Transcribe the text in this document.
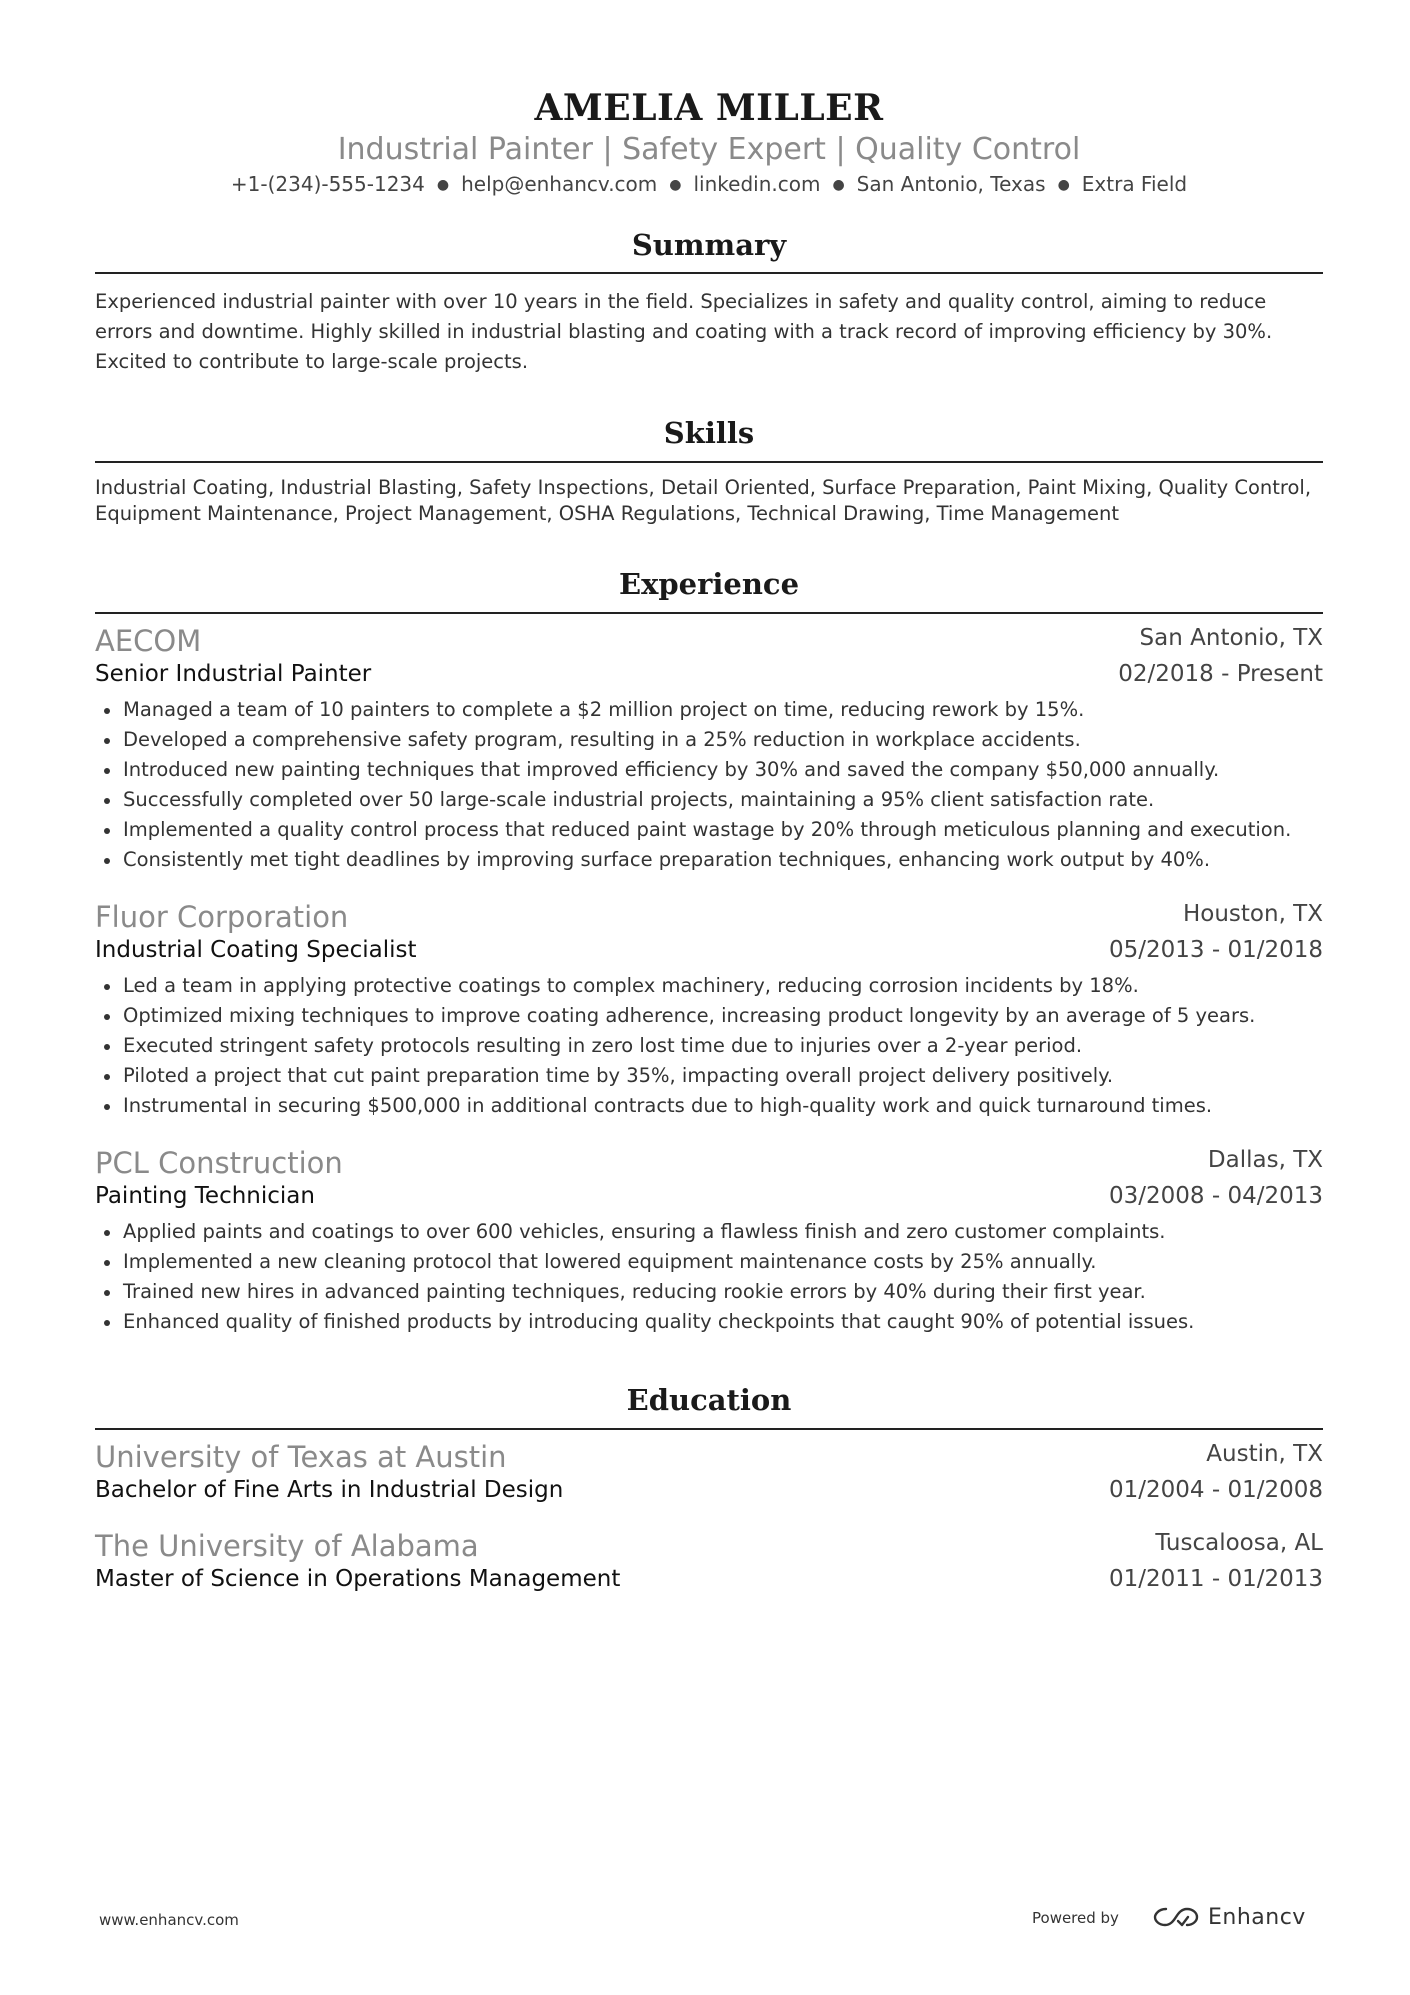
AMELIA MILLER
Industrial Painter | Safety Expert | Quality Control
+1-(234)-555-1234 ● help@enhancv.com ● linkedin.com ● San Antonio, Texas ● Extra Field
Summary
Experienced industrial painter with over 10 years in the field. Specializes in safety and quality control, aiming to reduce errors and downtime. Highly skilled in industrial blasting and coating with a track record of improving efficiency by 30%. Excited to contribute to large-scale projects.
Skills
Industrial Coating, Industrial Blasting, Safety Inspections, Detail Oriented, Surface Preparation, Paint Mixing, Quality Control, Equipment Maintenance, Project Management, OSHA Regulations, Technical Drawing, Time Management
Experience
AECOM	San Antonio, TX
Senior Industrial Painter	02/2018 - Present
Managed a team of 10 painters to complete a $2 million project on time, reducing rework by 15%.
Developed a comprehensive safety program, resulting in a 25% reduction in workplace accidents.
Introduced new painting techniques that improved efficiency by 30% and saved the company $50,000 annually.
Successfully completed over 50 large-scale industrial projects, maintaining a 95% client satisfaction rate.
Implemented a quality control process that reduced paint wastage by 20% through meticulous planning and execution.
Consistently met tight deadlines by improving surface preparation techniques, enhancing work output by 40%.
Fluor Corporation	Houston, TX
Industrial Coating Specialist	05/2013 - 01/2018
Led a team in applying protective coatings to complex machinery, reducing corrosion incidents by 18%.
Optimized mixing techniques to improve coating adherence, increasing product longevity by an average of 5 years.
Executed stringent safety protocols resulting in zero lost time due to injuries over a 2-year period.
Piloted a project that cut paint preparation time by 35%, impacting overall project delivery positively.
Instrumental in securing $500,000 in additional contracts due to high-quality work and quick turnaround times.
PCL Construction	Dallas, TX
Painting Technician	03/2008 - 04/2013
Applied paints and coatings to over 600 vehicles, ensuring a flawless finish and zero customer complaints.
Implemented a new cleaning protocol that lowered equipment maintenance costs by 25% annually.
Trained new hires in advanced painting techniques, reducing rookie errors by 40% during their first year.
Enhanced quality of finished products by introducing quality checkpoints that caught 90% of potential issues.
Education
University of Texas at Austin	Austin, TX
Bachelor of Fine Arts in Industrial Design	01/2004 - 01/2008
The University of Alabama	Tuscaloosa, AL
Master of Science in Operations Management	01/2011 - 01/2013
www.enhancv.com	Powered by	Enhancv
